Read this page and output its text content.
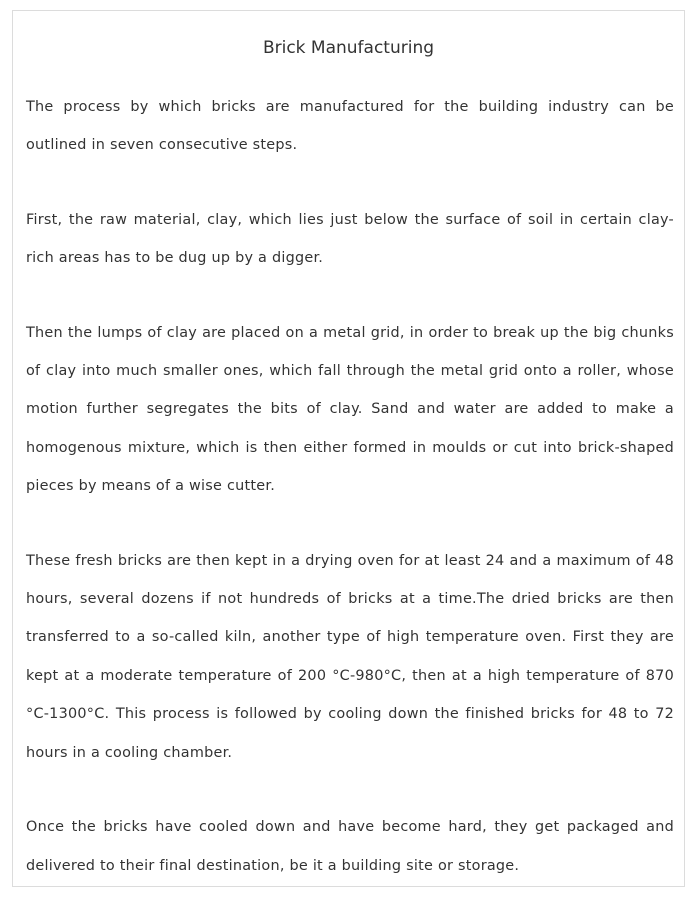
Brick Manufacturing

The process by which bricks are manufactured for the building industry can be outlined in seven consecutive steps.

First, the raw material, clay, which lies just below the surface of soil in certain clay-rich areas has to be dug up by a digger.

Then the lumps of clay are placed on a metal grid, in order to break up the big chunks of clay into much smaller ones, which fall through the metal grid onto a roller, whose motion further segregates the bits of clay. Sand and water are added to make a homogenous mixture, which is then either formed in moulds or cut into brick-shaped pieces by means of a wise cutter.

These fresh bricks are then kept in a drying oven for at least 24 and a maximum of 48 hours, several dozens if not hundreds of bricks at a time.The dried bricks are then transferred to a so-called kiln, another type of high temperature oven. First they are kept at a moderate temperature of 200 °C-980°C, then at a high temperature of 870 °C-1300°C. This process is followed by cooling down the finished bricks for 48 to 72 hours in a cooling chamber.

Once the bricks have cooled down and have become hard, they get packaged and delivered to their final destination, be it a building site or storage.
